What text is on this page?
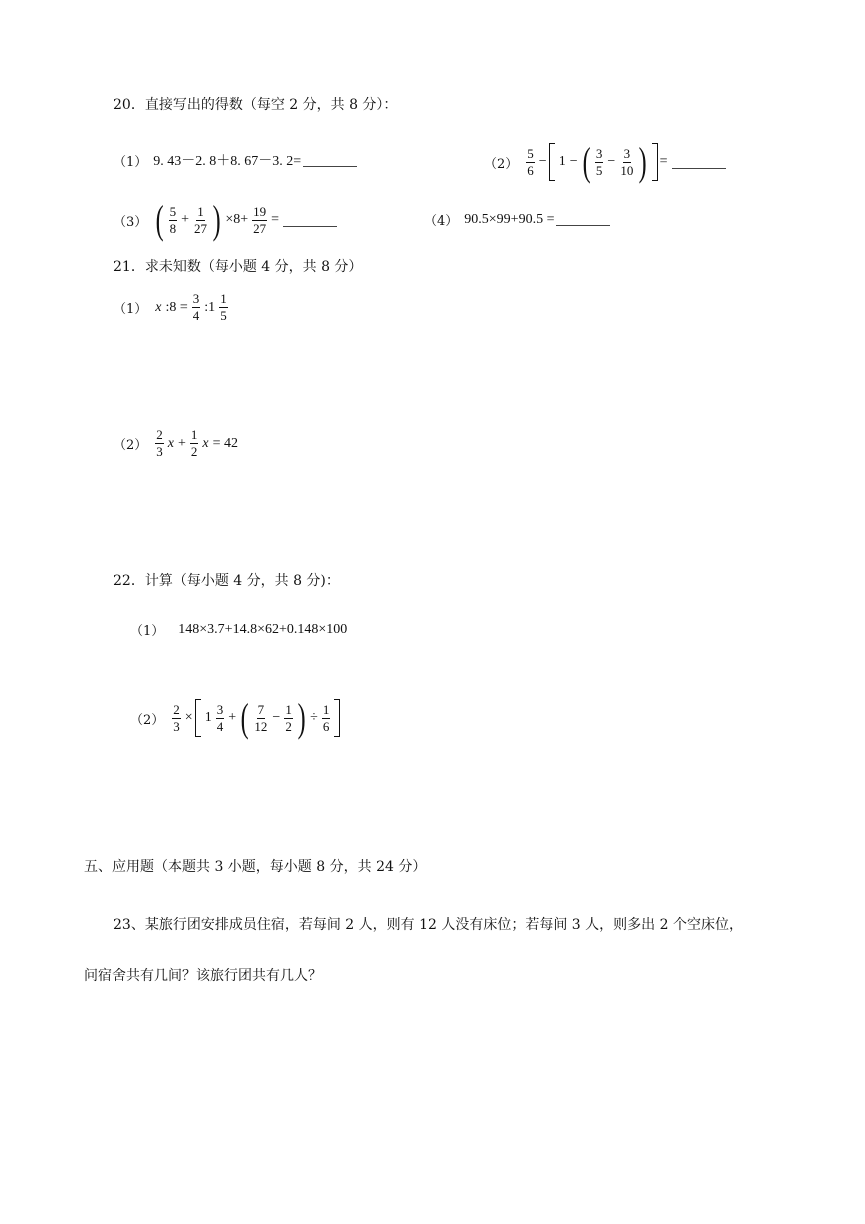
20．直接写出的得数（每空 2 分，共 8 分）：
（1） 9. 43－2. 8＋8. 67－3. 2=	$(2) \frac{5}{6} - 1$ − ( $\frac{3}{5} - \frac{3}{10}$ ) =
（3） ( $\frac{5}{8} + \frac{1}{27}$ ) $\times 8+ \frac{19}{27}$ =	（4） 90.5×99+90.5 =
21．求未知数（每小题 4 分，共 8 分）
（1） x :8 = $\frac{3}{4}$ :1 $\frac{1}{5}$
$(2) \frac{2}{3}$ $x + \frac{1}{2}$ x = 42
22．计算（每小题 4 分，共 8 分)：
（1） 148×3.7+14.8×62+0.148×100
$(2) \frac{2}{3} \times 1 \frac{3}{4}$ + ( $\frac{7}{12} - \frac{1}{2}$ ) ÷ $\frac{1}{6}$
五、应用题（本题共 3 小题，每小题 8 分，共 24 分）
23、某旅行团安排成员住宿，若每间 2 人，则有 12 人没有床位；若每间 3 人，则多出 2 个空床位，
问宿舍共有几间？该旅行团共有几人？
